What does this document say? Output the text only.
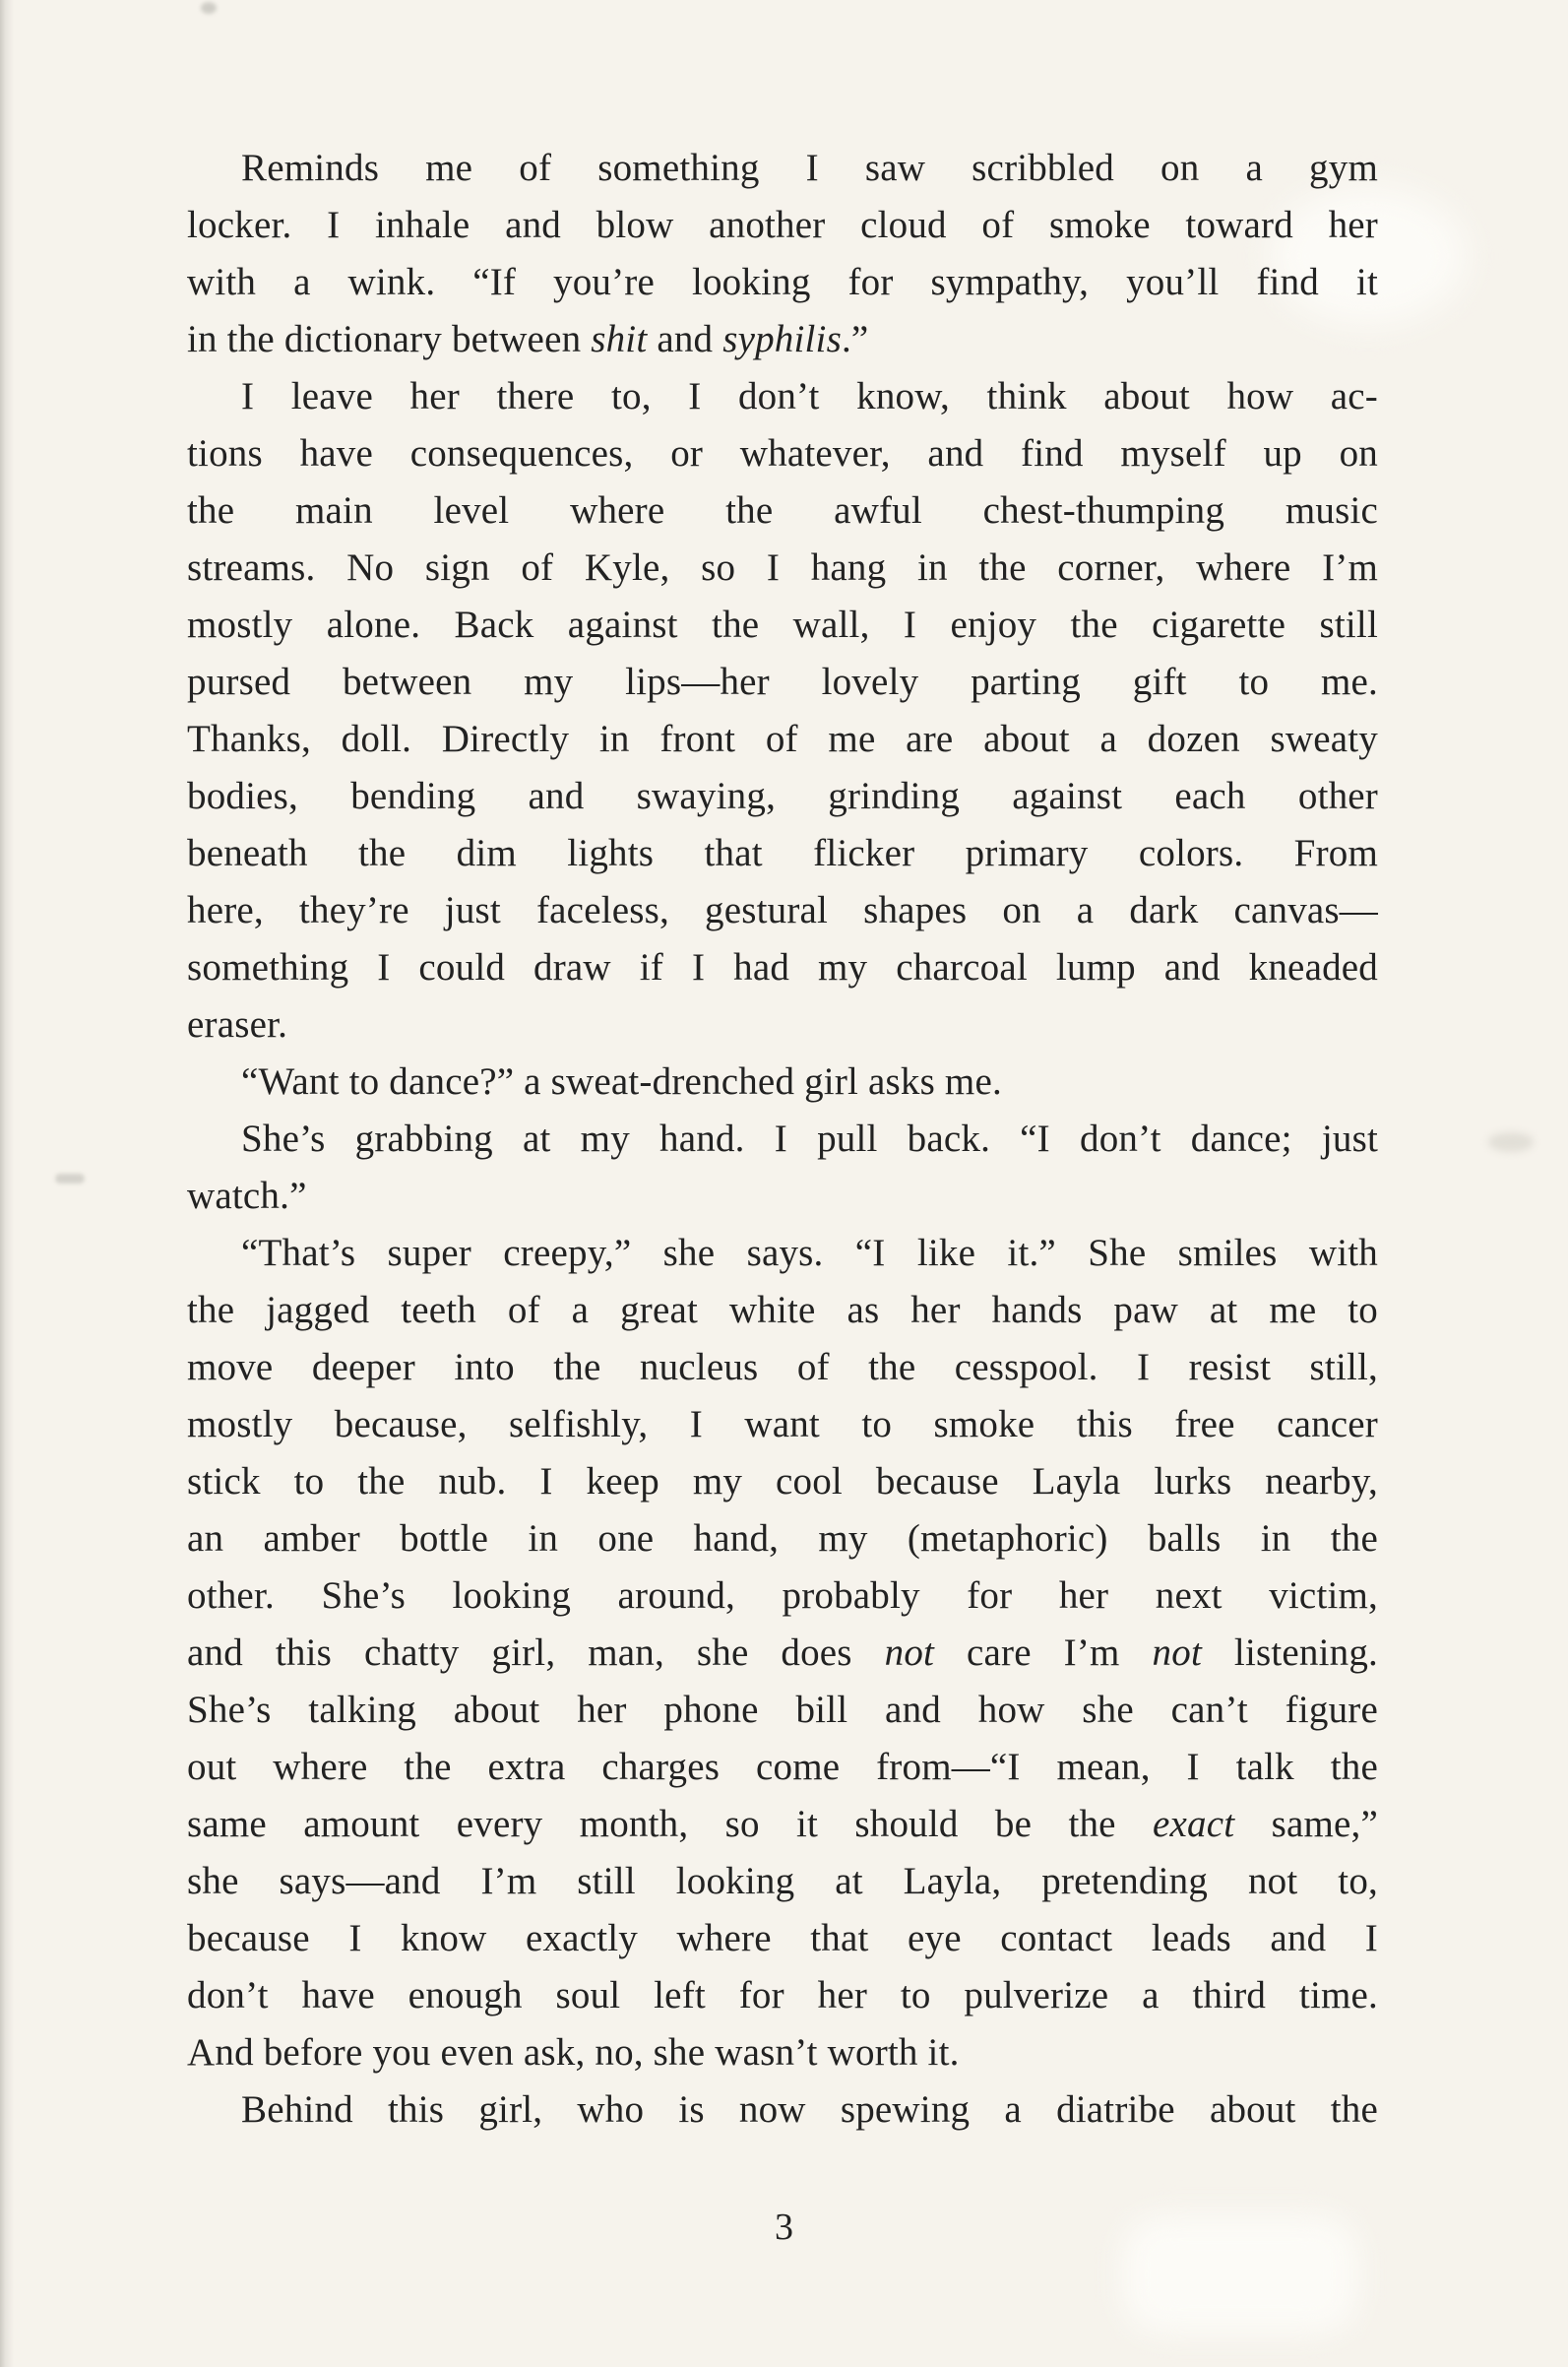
Reminds me of something I saw scribbled on a gym
locker. I inhale and blow another cloud of smoke toward her
with a wink. “If you’re looking for sympathy, you’ll find it
in the dictionary between shit and syphilis.”
I leave her there to, I don’t know, think about how ac-
tions have consequences, or whatever, and find myself up on
the main level where the awful chest-thumping music
streams. No sign of Kyle, so I hang in the corner, where I’m
mostly alone. Back against the wall, I enjoy the cigarette still
pursed between my lips—her lovely parting gift to me.
Thanks, doll. Directly in front of me are about a dozen sweaty
bodies, bending and swaying, grinding against each other
beneath the dim lights that flicker primary colors. From
here, they’re just faceless, gestural shapes on a dark canvas—
something I could draw if I had my charcoal lump and kneaded
eraser.
“Want to dance?” a sweat-drenched girl asks me.
She’s grabbing at my hand. I pull back. “I don’t dance; just
watch.”
“That’s super creepy,” she says. “I like it.” She smiles with
the jagged teeth of a great white as her hands paw at me to
move deeper into the nucleus of the cesspool. I resist still,
mostly because, selfishly, I want to smoke this free cancer
stick to the nub. I keep my cool because Layla lurks nearby,
an amber bottle in one hand, my (metaphoric) balls in the
other. She’s looking around, probably for her next victim,
and this chatty girl, man, she does not care I’m not listening.
She’s talking about her phone bill and how she can’t figure
out where the extra charges come from—“I mean, I talk the
same amount every month, so it should be the exact same,”
she says—and I’m still looking at Layla, pretending not to,
because I know exactly where that eye contact leads and I
don’t have enough soul left for her to pulverize a third time.
And before you even ask, no, she wasn’t worth it.
Behind this girl, who is now spewing a diatribe about the
3
